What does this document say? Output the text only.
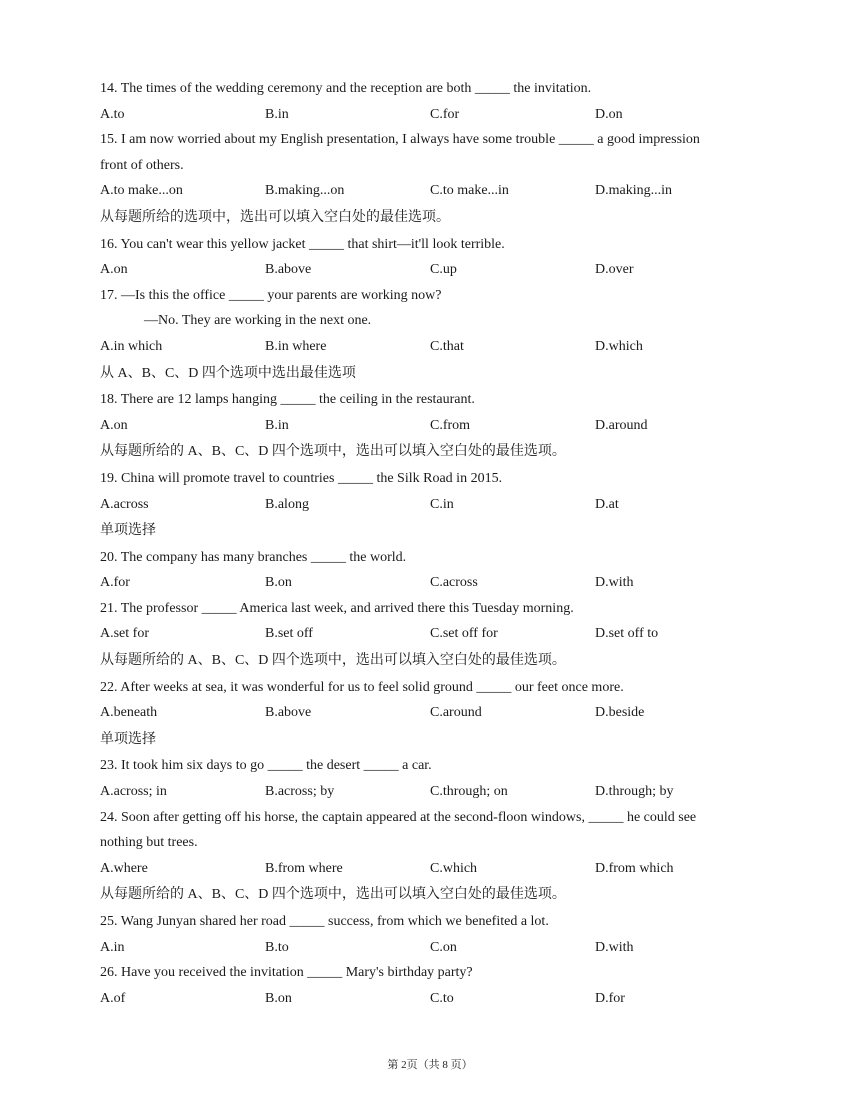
14. The times of the wedding ceremony and the reception are both _____ the invitation.
A.to	B.in	C.for	D.on
15. I am now worried about my English presentation, I always have some trouble _____ a good impression
front of others.
A.to make...on	B.making...on	C.to make...in	D.making...in
从每题所给的选项中，选出可以填入空白处的最佳选项。
16. You can't wear this yellow jacket _____ that shirt—it'll look terrible.
A.on	B.above	C.up	D.over
17. —Is this the office _____ your parents are working now?
—No. They are working in the next one.
A.in which	B.in where	C.that	D.which
从 A、B、C、D 四个选项中选出最佳选项
18. There are 12 lamps hanging _____ the ceiling in the restaurant.
A.on	B.in	C.from	D.around
从每题所给的 A、B、C、D 四个选项中，选出可以填入空白处的最佳选项。
19. China will promote travel to countries _____ the Silk Road in 2015.
A.across	B.along	C.in	D.at
单项选择
20. The company has many branches _____ the world.
A.for	B.on	C.across	D.with
21. The professor _____ America last week, and arrived there this Tuesday morning.
A.set for	B.set off	C.set off for	D.set off to
从每题所给的 A、B、C、D 四个选项中，选出可以填入空白处的最佳选项。
22. After weeks at sea, it was wonderful for us to feel solid ground _____ our feet once more.
A.beneath	B.above	C.around	D.beside
单项选择
23. It took him six days to go _____ the desert _____ a car.
A.across; in	B.across; by	C.through; on	D.through; by
24. Soon after getting off his horse, the captain appeared at the second-floon windows, _____ he could see
nothing but trees.
A.where	B.from where	C.which	D.from which
从每题所给的 A、B、C、D 四个选项中，选出可以填入空白处的最佳选项。
25. Wang Junyan shared her road _____ success, from which we benefited a lot.
A.in	B.to	C.on	D.with
26. Have you received the invitation _____ Mary's birthday party?
A.of	B.on	C.to	D.for
第 2页（共 8 页）
